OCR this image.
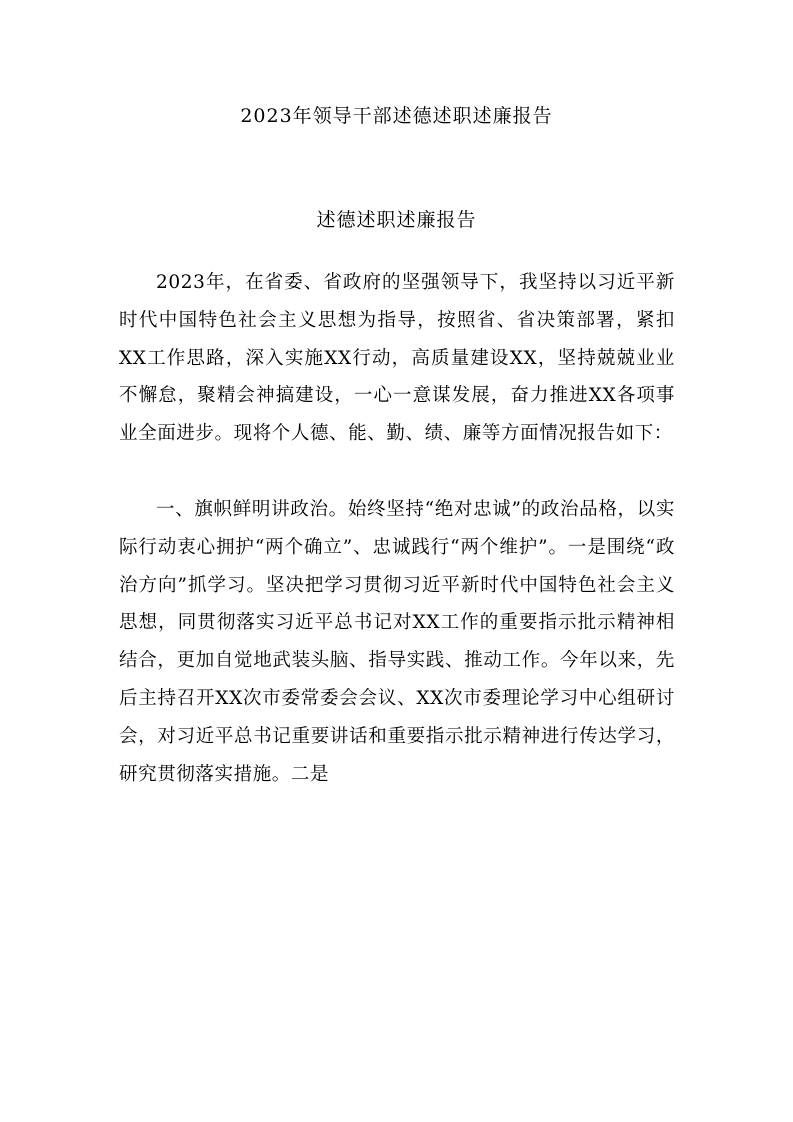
2023年领导干部述德述职述廉报告
述德述职述廉报告

2023年，在省委、省政府的坚强领导下，我坚持以习近平新时代中国特色社会主义思想为指导，按照省、省决策部署，紧扣XX工作思路，深入实施XX行动，高质量建设XX，坚持兢兢业业不懈怠，聚精会神搞建设，一心一意谋发展，奋力推进XX各项事业全面进步。现将个人德、能、勤、绩、廉等方面情况报告如下：

一、旗帜鲜明讲政治。始终坚持“绝对忠诚”的政治品格，以实际行动衷心拥护“两个确立”、忠诚践行“两个维护”。一是围绕“政治方向”抓学习。坚决把学习贯彻习近平新时代中国特色社会主义思想，同贯彻落实习近平总书记对XX工作的重要指示批示精神相结合，更加自觉地武装头脑、指导实践、推动工作。今年以来，先后主持召开XX次市委常委会会议、XX次市委理论学习中心组研讨会，对习近平总书记重要讲话和重要指示批示精神进行传达学习，研究贯彻落实措施。二是
